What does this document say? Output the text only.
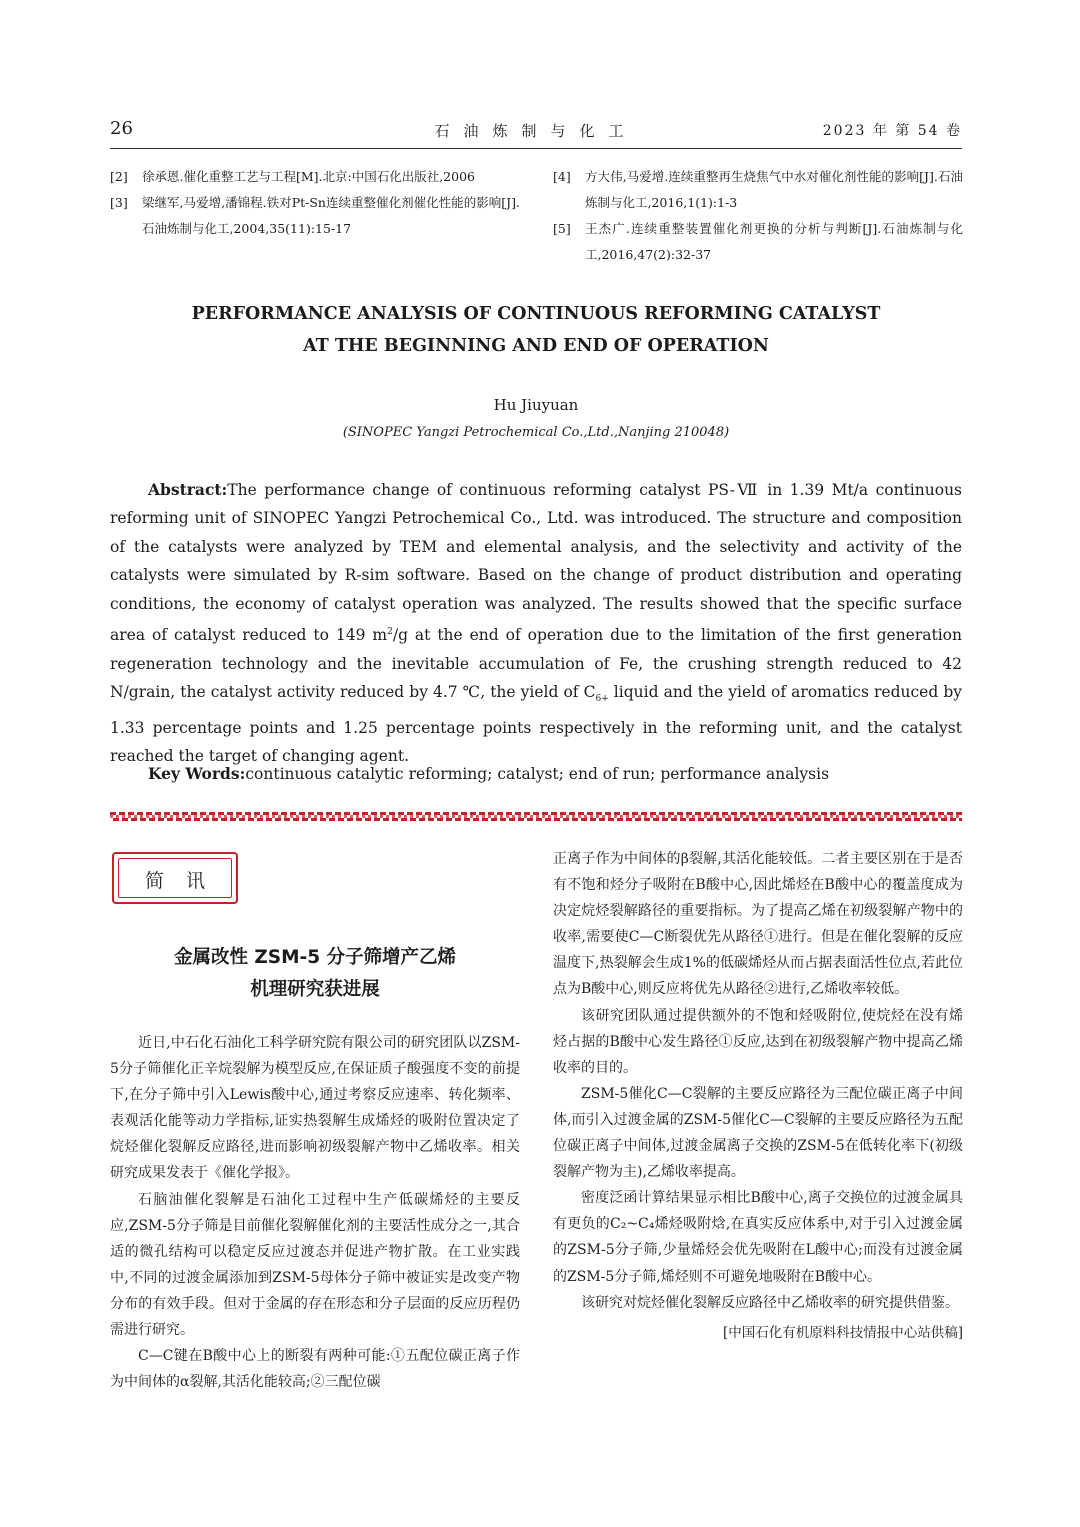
26	石油炼制与化工	2023 年 第 54 卷
[2] 徐承恩.催化重整工艺与工程[M].北京:中国石化出版社,2006
[3] 梁继军,马爱增,潘锦程.铁对Pt-Sn连续重整催化剂催化性能的影响[J].石油炼制与化工,2004,35(11):15-17
[4] 方大伟,马爱增.连续重整再生烧焦气中水对催化剂性能的影响[J].石油炼制与化工,2016,1(1):1-3
[5] 王杰广.连续重整装置催化剂更换的分析与判断[J].石油炼制与化工,2016,47(2):32-37
PERFORMANCE ANALYSIS OF CONTINUOUS REFORMING CATALYST
AT THE BEGINNING AND END OF OPERATION
Hu Jiuyuan
(SINOPEC Yangzi Petrochemical Co.,Ltd.,Nanjing 210048)
Abstract:The performance change of continuous reforming catalyst PS-Ⅶ in 1.39 Mt/a continuous reforming unit of SINOPEC Yangzi Petrochemical Co., Ltd. was introduced. The structure and composition of the catalysts were analyzed by TEM and elemental analysis, and the selectivity and activity of the catalysts were simulated by R-sim software. Based on the change of product distribution and operating conditions, the economy of catalyst operation was analyzed. The results showed that the specific surface area of catalyst reduced to 149 $m^2/g$ at the end of operation due to the limitation of the first generation regeneration technology and the inevitable accumulation of Fe, the crushing strength reduced to 42 N/grain, the catalyst activity reduced by 4.7 ℃, the yield of $C_{6+}$ liquid and the yield of aromatics reduced by 1.33 percentage points and 1.25 percentage points respectively in the reforming unit, and the catalyst reached the target of changing agent.
Key Words:continuous catalytic reforming; catalyst; end of run; performance analysis
简讯
金属改性 ZSM-5 分子筛增产乙烯
机理研究获进展

近日,中石化石油化工科学研究院有限公司的研究团队以ZSM-5分子筛催化正辛烷裂解为模型反应,在保证质子酸强度不变的前提下,在分子筛中引入Lewis酸中心,通过考察反应速率、转化频率、表观活化能等动力学指标,证实热裂解生成烯烃的吸附位置决定了烷烃催化裂解反应路径,进而影响初级裂解产物中乙烯收率。相关研究成果发表于《催化学报》。

石脑油催化裂解是石油化工过程中生产低碳烯烃的主要反应,ZSM-5分子筛是目前催化裂解催化剂的主要活性成分之一,其合适的微孔结构可以稳定反应过渡态并促进产物扩散。在工业实践中,不同的过渡金属添加到ZSM-5母体分子筛中被证实是改变产物分布的有效手段。但对于金属的存在形态和分子层面的反应历程仍需进行研究。

C—C键在B酸中心上的断裂有两种可能:①五配位碳正离子作为中间体的α裂解,其活化能较高;②三配位碳

正离子作为中间体的β裂解,其活化能较低。二者主要区别在于是否有不饱和烃分子吸附在B酸中心,因此烯烃在B酸中心的覆盖度成为决定烷烃裂解路径的重要指标。为了提高乙烯在初级裂解产物中的收率,需要使C—C断裂优先从路径①进行。但是在催化裂解的反应温度下,热裂解会生成1%的低碳烯烃从而占据表面活性位点,若此位点为B酸中心,则反应将优先从路径②进行,乙烯收率较低。

该研究团队通过提供额外的不饱和烃吸附位,使烷烃在没有烯烃占据的B酸中心发生路径①反应,达到在初级裂解产物中提高乙烯收率的目的。

ZSM-5催化C—C裂解的主要反应路径为三配位碳正离子中间体,而引入过渡金属的ZSM-5催化C—C裂解的主要反应路径为五配位碳正离子中间体,过渡金属离子交换的ZSM-5在低转化率下(初级裂解产物为主),乙烯收率提高。

密度泛函计算结果显示相比B酸中心,离子交换位的过渡金属具有更负的C₂~C₄烯烃吸附焓,在真实反应体系中,对于引入过渡金属的ZSM-5分子筛,少量烯烃会优先吸附在L酸中心;而没有过渡金属的ZSM-5分子筛,烯烃则不可避免地吸附在B酸中心。

该研究对烷烃催化裂解反应路径中乙烯收率的研究提供借鉴。

[中国石化有机原料科技情报中心站供稿]
